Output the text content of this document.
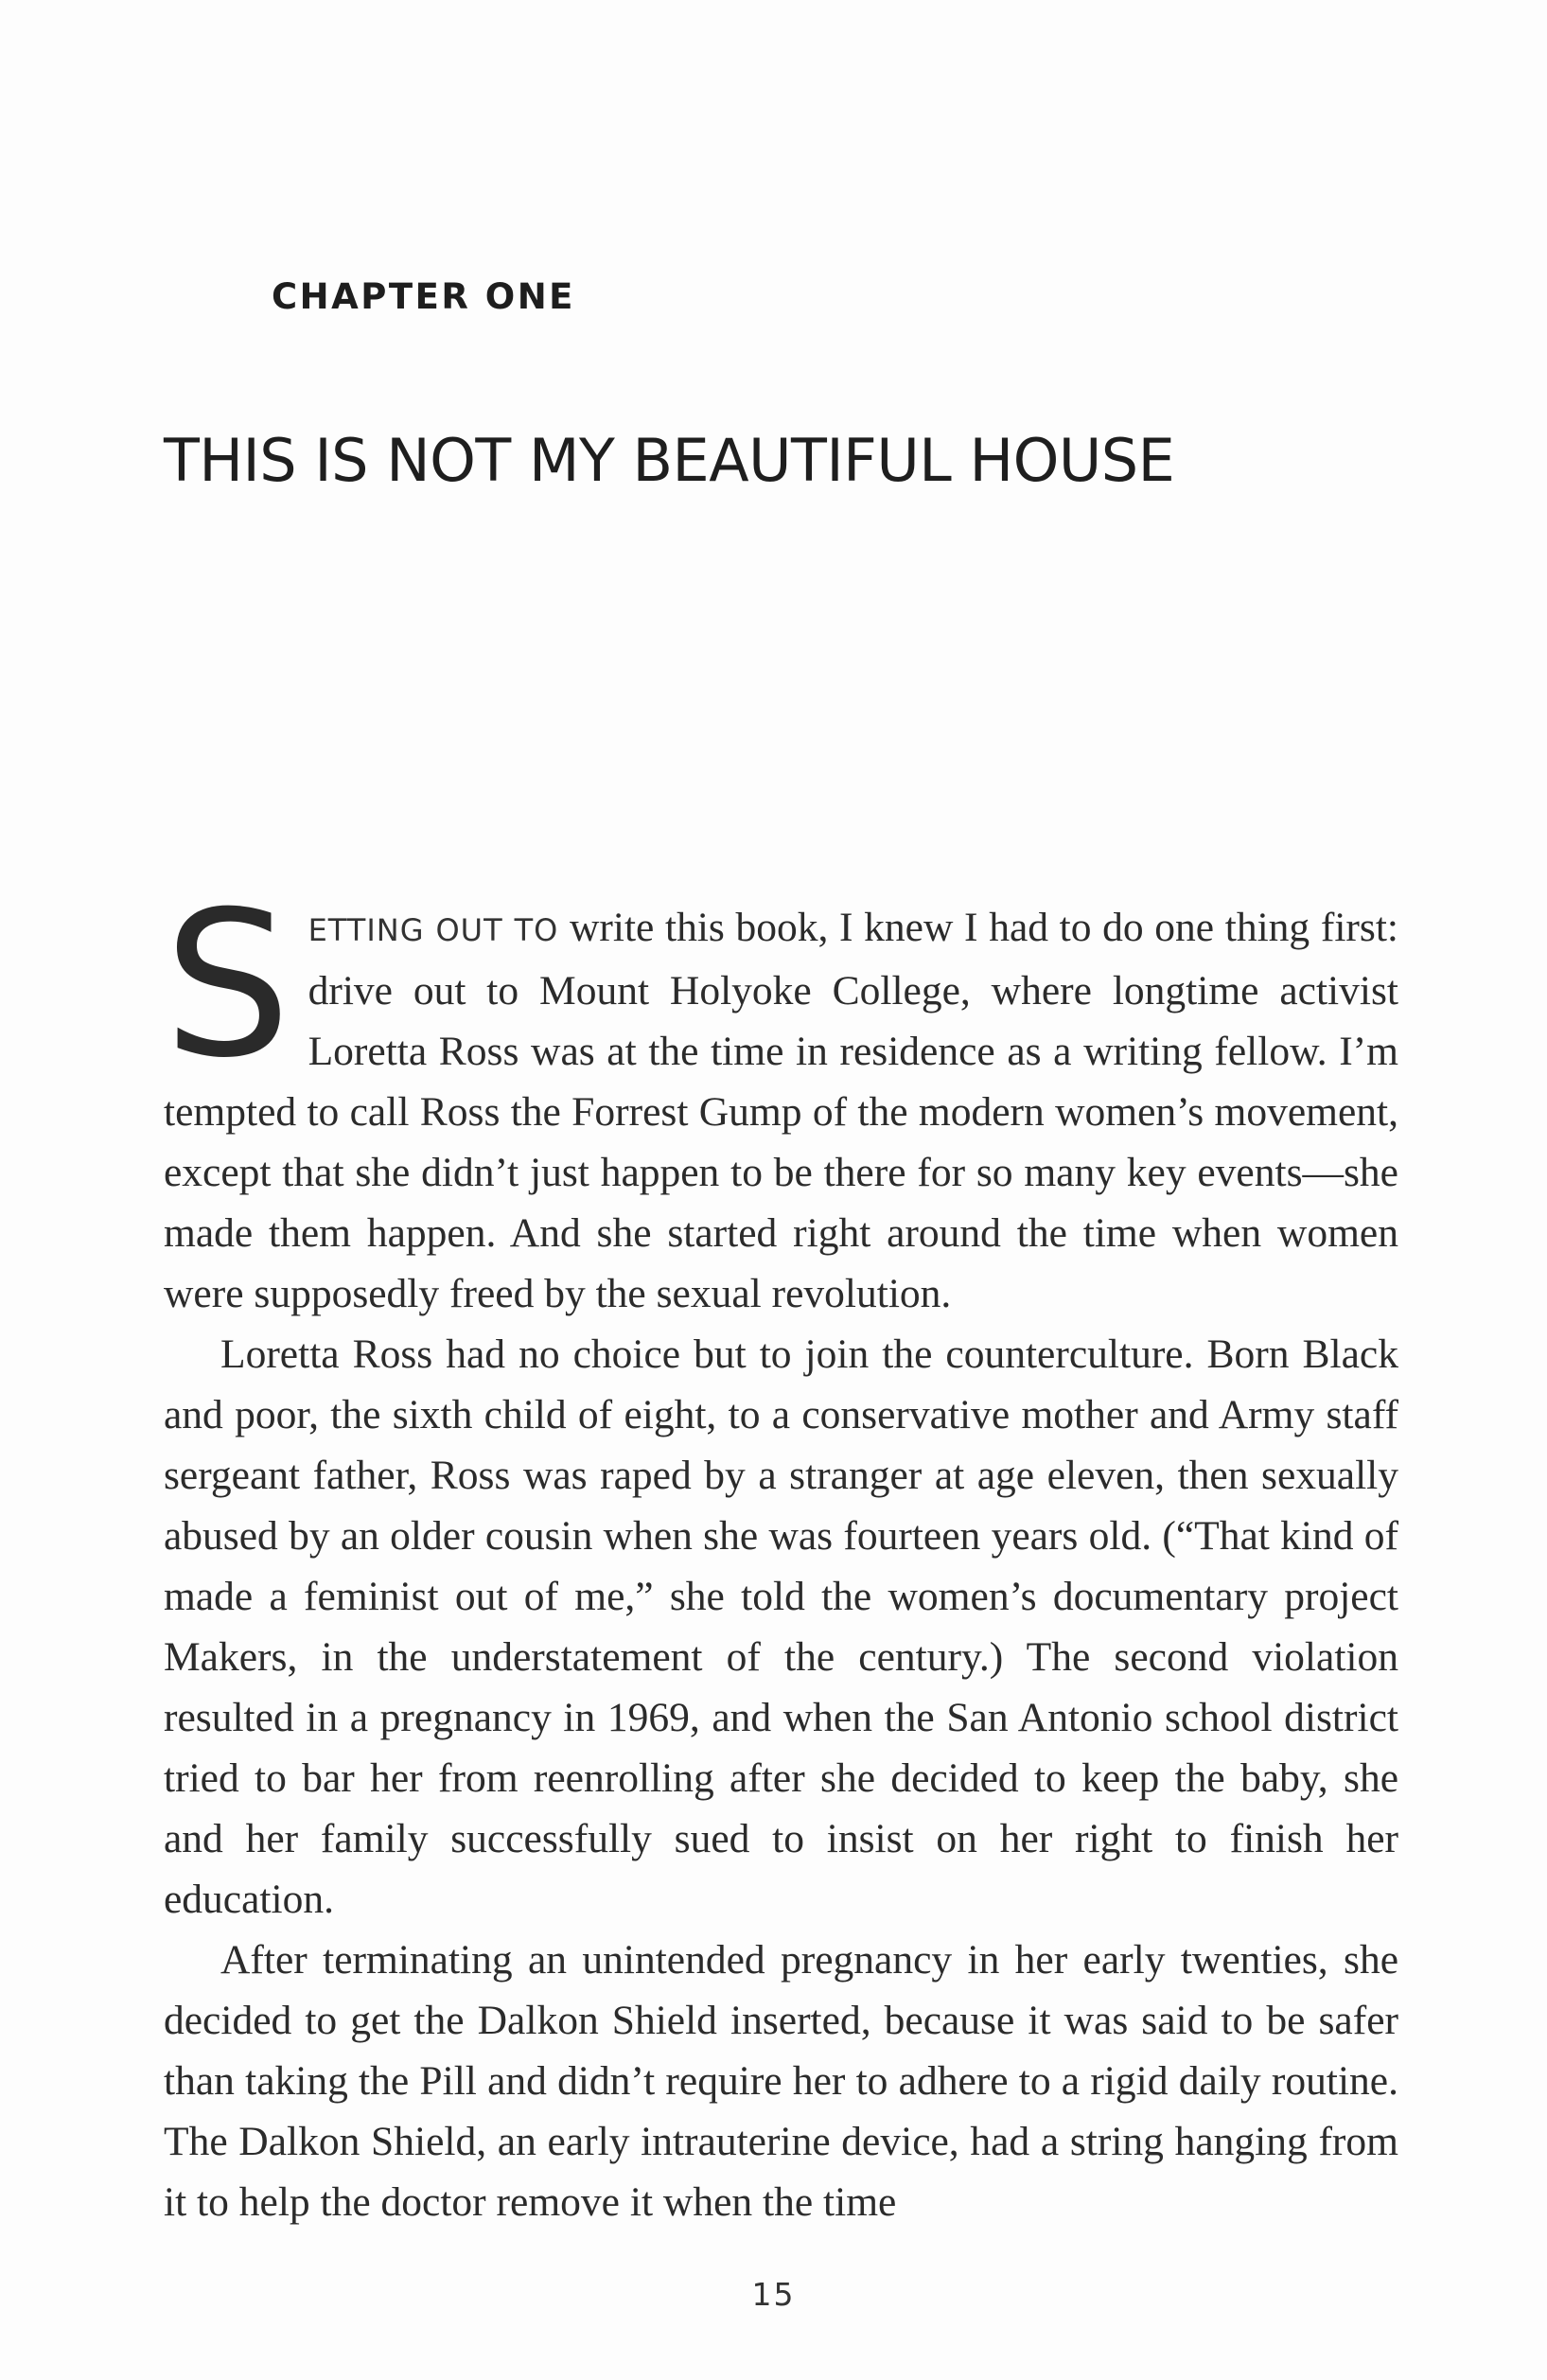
CHAPTER ONE
THIS IS NOT MY BEAUTIFUL HOUSE

SETTING OUT TO write this book, I knew I had to do one thing first: drive out to Mount Holyoke College, where longtime activist Loretta Ross was at the time in residence as a writing fellow. I’m tempted to call Ross the Forrest Gump of the modern women’s movement, except that she didn’t just happen to be there for so many key events—she made them happen. And she started right around the time when women were supposedly freed by the sexual revolution.

Loretta Ross had no choice but to join the counterculture. Born Black and poor, the sixth child of eight, to a conservative mother and Army staff sergeant father, Ross was raped by a stranger at age eleven, then sexually abused by an older cousin when she was fourteen years old. (“That kind of made a feminist out of me,” she told the women’s documentary project Makers, in the understatement of the century.) The second violation resulted in a pregnancy in 1969, and when the San Antonio school district tried to bar her from reenrolling after she decided to keep the baby, she and her family successfully sued to insist on her right to finish her education.

After terminating an unintended pregnancy in her early twenties, she decided to get the Dalkon Shield inserted, because it was said to be safer than taking the Pill and didn’t require her to adhere to a rigid daily routine. The Dalkon Shield, an early intrauterine device, had a string hanging from it to help the doctor remove it when the time

15
